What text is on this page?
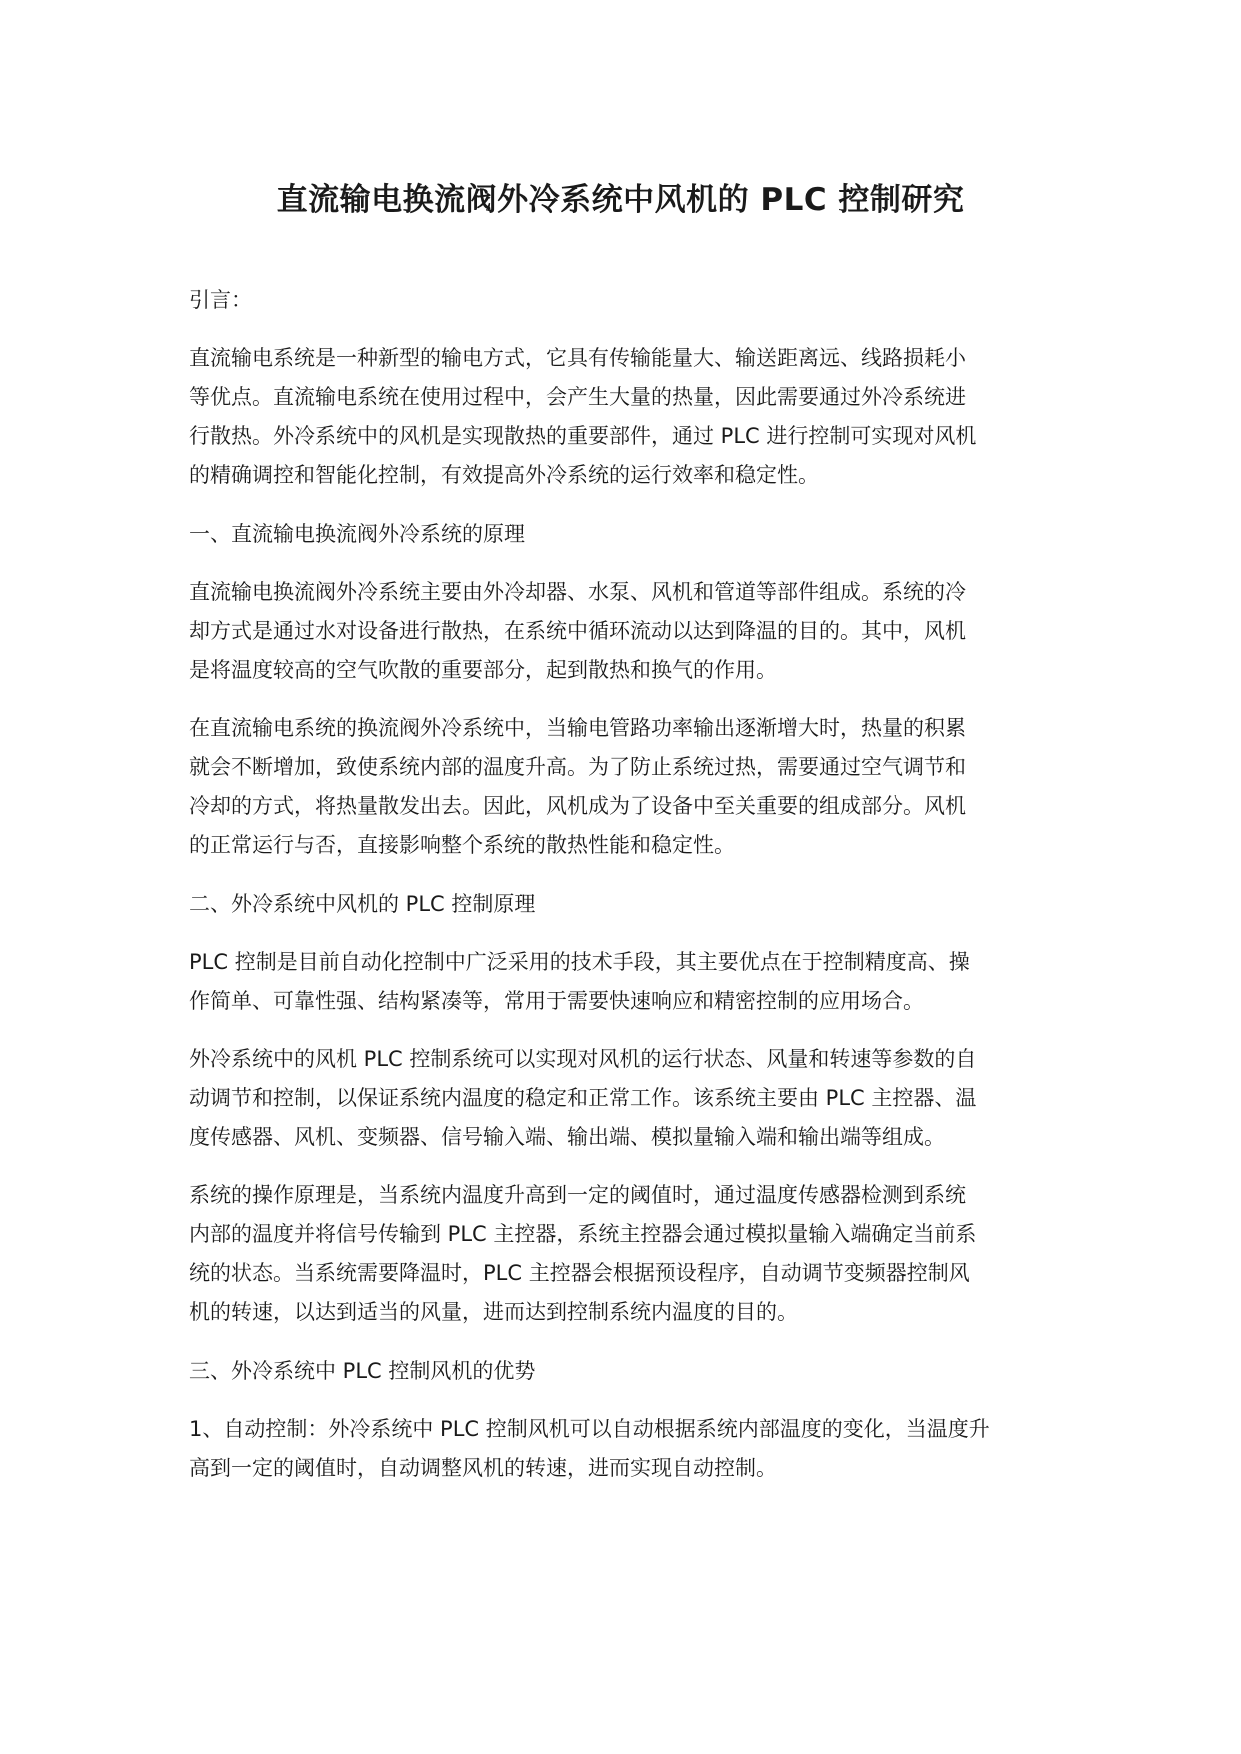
直流输电换流阀外冷系统中风机的 PLC 控制研究
引言：
直流输电系统是一种新型的输电方式，它具有传输能量大、输送距离远、线路损耗小
等优点。直流输电系统在使用过程中，会产生大量的热量，因此需要通过外冷系统进
行散热。外冷系统中的风机是实现散热的重要部件，通过 PLC 进行控制可实现对风机
的精确调控和智能化控制，有效提高外冷系统的运行效率和稳定性。
一、直流输电换流阀外冷系统的原理
直流输电换流阀外冷系统主要由外冷却器、水泵、风机和管道等部件组成。系统的冷
却方式是通过水对设备进行散热，在系统中循环流动以达到降温的目的。其中，风机
是将温度较高的空气吹散的重要部分，起到散热和换气的作用。
在直流输电系统的换流阀外冷系统中，当输电管路功率输出逐渐增大时，热量的积累
就会不断增加，致使系统内部的温度升高。为了防止系统过热，需要通过空气调节和
冷却的方式，将热量散发出去。因此，风机成为了设备中至关重要的组成部分。风机
的正常运行与否，直接影响整个系统的散热性能和稳定性。
二、外冷系统中风机的 PLC 控制原理
PLC 控制是目前自动化控制中广泛采用的技术手段，其主要优点在于控制精度高、操
作简单、可靠性强、结构紧凑等，常用于需要快速响应和精密控制的应用场合。
外冷系统中的风机 PLC 控制系统可以实现对风机的运行状态、风量和转速等参数的自
动调节和控制，以保证系统内温度的稳定和正常工作。该系统主要由 PLC 主控器、温
度传感器、风机、变频器、信号输入端、输出端、模拟量输入端和输出端等组成。
系统的操作原理是，当系统内温度升高到一定的阈值时，通过温度传感器检测到系统
内部的温度并将信号传输到 PLC 主控器，系统主控器会通过模拟量输入端确定当前系
统的状态。当系统需要降温时，PLC 主控器会根据预设程序，自动调节变频器控制风
机的转速，以达到适当的风量，进而达到控制系统内温度的目的。
三、外冷系统中 PLC 控制风机的优势
1、自动控制：外冷系统中 PLC 控制风机可以自动根据系统内部温度的变化，当温度升
高到一定的阈值时，自动调整风机的转速，进而实现自动控制。
